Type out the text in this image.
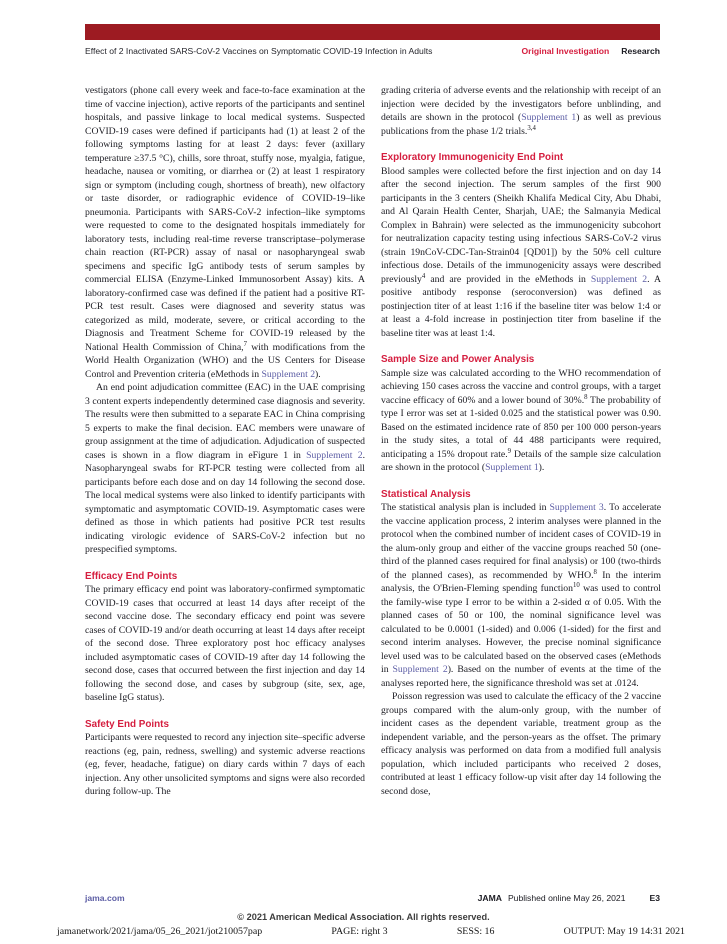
Effect of 2 Inactivated SARS-CoV-2 Vaccines on Symptomatic COVID-19 Infection in Adults	Original Investigation Research

vestigators (phone call every week and face-to-face examination at the time of vaccine injection), active reports of the participants and sentinel hospitals, and passive linkage to local medical systems. Suspected COVID-19 cases were defined if participants had (1) at least 2 of the following symptoms lasting for at least 2 days: fever (axillary temperature ≥37.5 °C), chills, sore throat, stuffy nose, myalgia, fatigue, headache, nausea or vomiting, or diarrhea or (2) at least 1 respiratory sign or symptom (including cough, shortness of breath), new olfactory or taste disorder, or radiographic evidence of COVID-19–like pneumonia. Participants with SARS-CoV-2 infection–like symptoms were requested to come to the designated hospitals immediately for laboratory tests, including real-time reverse transcriptase–polymerase chain reaction (RT-PCR) assay of nasal or nasopharyngeal swab specimens and specific IgG antibody tests of serum samples by commercial ELISA (Enzyme-Linked Immunosorbent Assay) kits. A laboratory-confirmed case was defined if the patient had a positive RT-PCR test result. Cases were diagnosed and severity status was categorized as mild, moderate, severe, or critical according to the Diagnosis and Treatment Scheme for COVID-19 released by the National Health Commission of China,$^7$ with modifications from the World Health Organization (WHO) and the US Centers for Disease Control and Prevention criteria (eMethods in Supplement 2).

An end point adjudication committee (EAC) in the UAE comprising 3 content experts independently determined case diagnosis and severity. The results were then submitted to a separate EAC in China comprising 5 experts to make the final decision. EAC members were unaware of group assignment at the time of adjudication. Adjudication of suspected cases is shown in a flow diagram in eFigure 1 in Supplement 2. Nasopharyngeal swabs for RT-PCR testing were collected from all participants before each dose and on day 14 following the second dose. The local medical systems were also linked to identify participants with symptomatic and asymptomatic COVID-19. Asymptomatic cases were defined as those in which patients had positive PCR test results indicating virologic evidence of SARS-CoV-2 infection but no prespecified symptoms.

Efficacy End Points

The primary efficacy end point was laboratory-confirmed symptomatic COVID-19 cases that occurred at least 14 days after receipt of the second vaccine dose. The secondary efficacy end point was severe cases of COVID-19 and/or death occurring at least 14 days after receipt of the second dose. Three exploratory post hoc efficacy analyses included asymptomatic cases of COVID-19 after day 14 following the second dose, cases that occurred between the first injection and day 14 following the second dose, and cases by subgroup (site, sex, age, baseline IgG status).

Safety End Points

Participants were requested to record any injection site–specific adverse reactions (eg, pain, redness, swelling) and systemic adverse reactions (eg, fever, headache, fatigue) on diary cards within 7 days of each injection. Any other unsolicited symptoms and signs were also recorded during follow-up. The

grading criteria of adverse events and the relationship with receipt of an injection were decided by the investigators before unblinding, and details are shown in the protocol (Supplement 1) as well as previous publications from the phase 1/2 trials.$^{3,4}$

Exploratory Immunogenicity End Point

Blood samples were collected before the first injection and on day 14 after the second injection. The serum samples of the first 900 participants in the 3 centers (Sheikh Khalifa Medical City, Abu Dhabi, and Al Qarain Health Center, Sharjah, UAE; the Salmanyia Medical Complex in Bahrain) were selected as the immunogenicity subcohort for neutralization capacity testing using infectious SARS-CoV-2 virus (strain 19nCoV-CDC-Tan-Strain04 [QD01]) by the 50% cell culture infectious dose. Details of the immunogenicity assays were described previously$^4$ and are provided in the eMethods in Supplement 2. A positive antibody response (seroconversion) was defined as postinjection titer of at least 1:16 if the baseline titer was below 1:4 or at least a 4-fold increase in postinjection titer from baseline if the baseline titer was at least 1:4.

Sample Size and Power Analysis

Sample size was calculated according to the WHO recommendation of achieving 150 cases across the vaccine and control groups, with a target vaccine efficacy of 60% and a lower bound of 30%.$^8$ The probability of type I error was set at 1-sided 0.025 and the statistical power was 0.90. Based on the estimated incidence rate of 850 per 100 000 person-years in the study sites, a total of 44 488 participants were required, anticipating a 15% dropout rate.$^9$ Details of the sample size calculation are shown in the protocol (Supplement 1).

Statistical Analysis

The statistical analysis plan is included in Supplement 3. To accelerate the vaccine application process, 2 interim analyses were planned in the protocol when the combined number of incident cases of COVID-19 in the alum-only group and either of the vaccine groups reached 50 (one-third of the planned cases required for final analysis) or 100 (two-thirds of the planned cases), as recommended by WHO.$^8$ In the interim analysis, the O'Brien-Fleming spending function$^{10}$ was used to control the family-wise type I error to be within a 2-sided α of 0.05. With the planned cases of 50 or 100, the nominal significance level was calculated to be 0.0001 (1-sided) and 0.006 (1-sided) for the first and second interim analyses. However, the precise nominal significance level used was to be calculated based on the observed cases (eMethods in Supplement 2). Based on the number of events at the time of the analyses reported here, the significance threshold was set at .0124.

Poisson regression was used to calculate the efficacy of the 2 vaccine groups compared with the alum-only group, with the number of incident cases as the dependent variable, treatment group as the independent variable, and the person-years as the offset. The primary efficacy analysis was performed on data from a modified full analysis population, which included participants who received 2 doses, contributed at least 1 efficacy follow-up visit after day 14 following the second dose,

jama.com	JAMA Published online May 26, 2021	E3
© 2021 American Medical Association. All rights reserved.
jamanetwork/2021/jama/05_26_2021/jot210057pap	PAGE: right 3	SESS: 16	OUTPUT: May 19 14:31 2021
